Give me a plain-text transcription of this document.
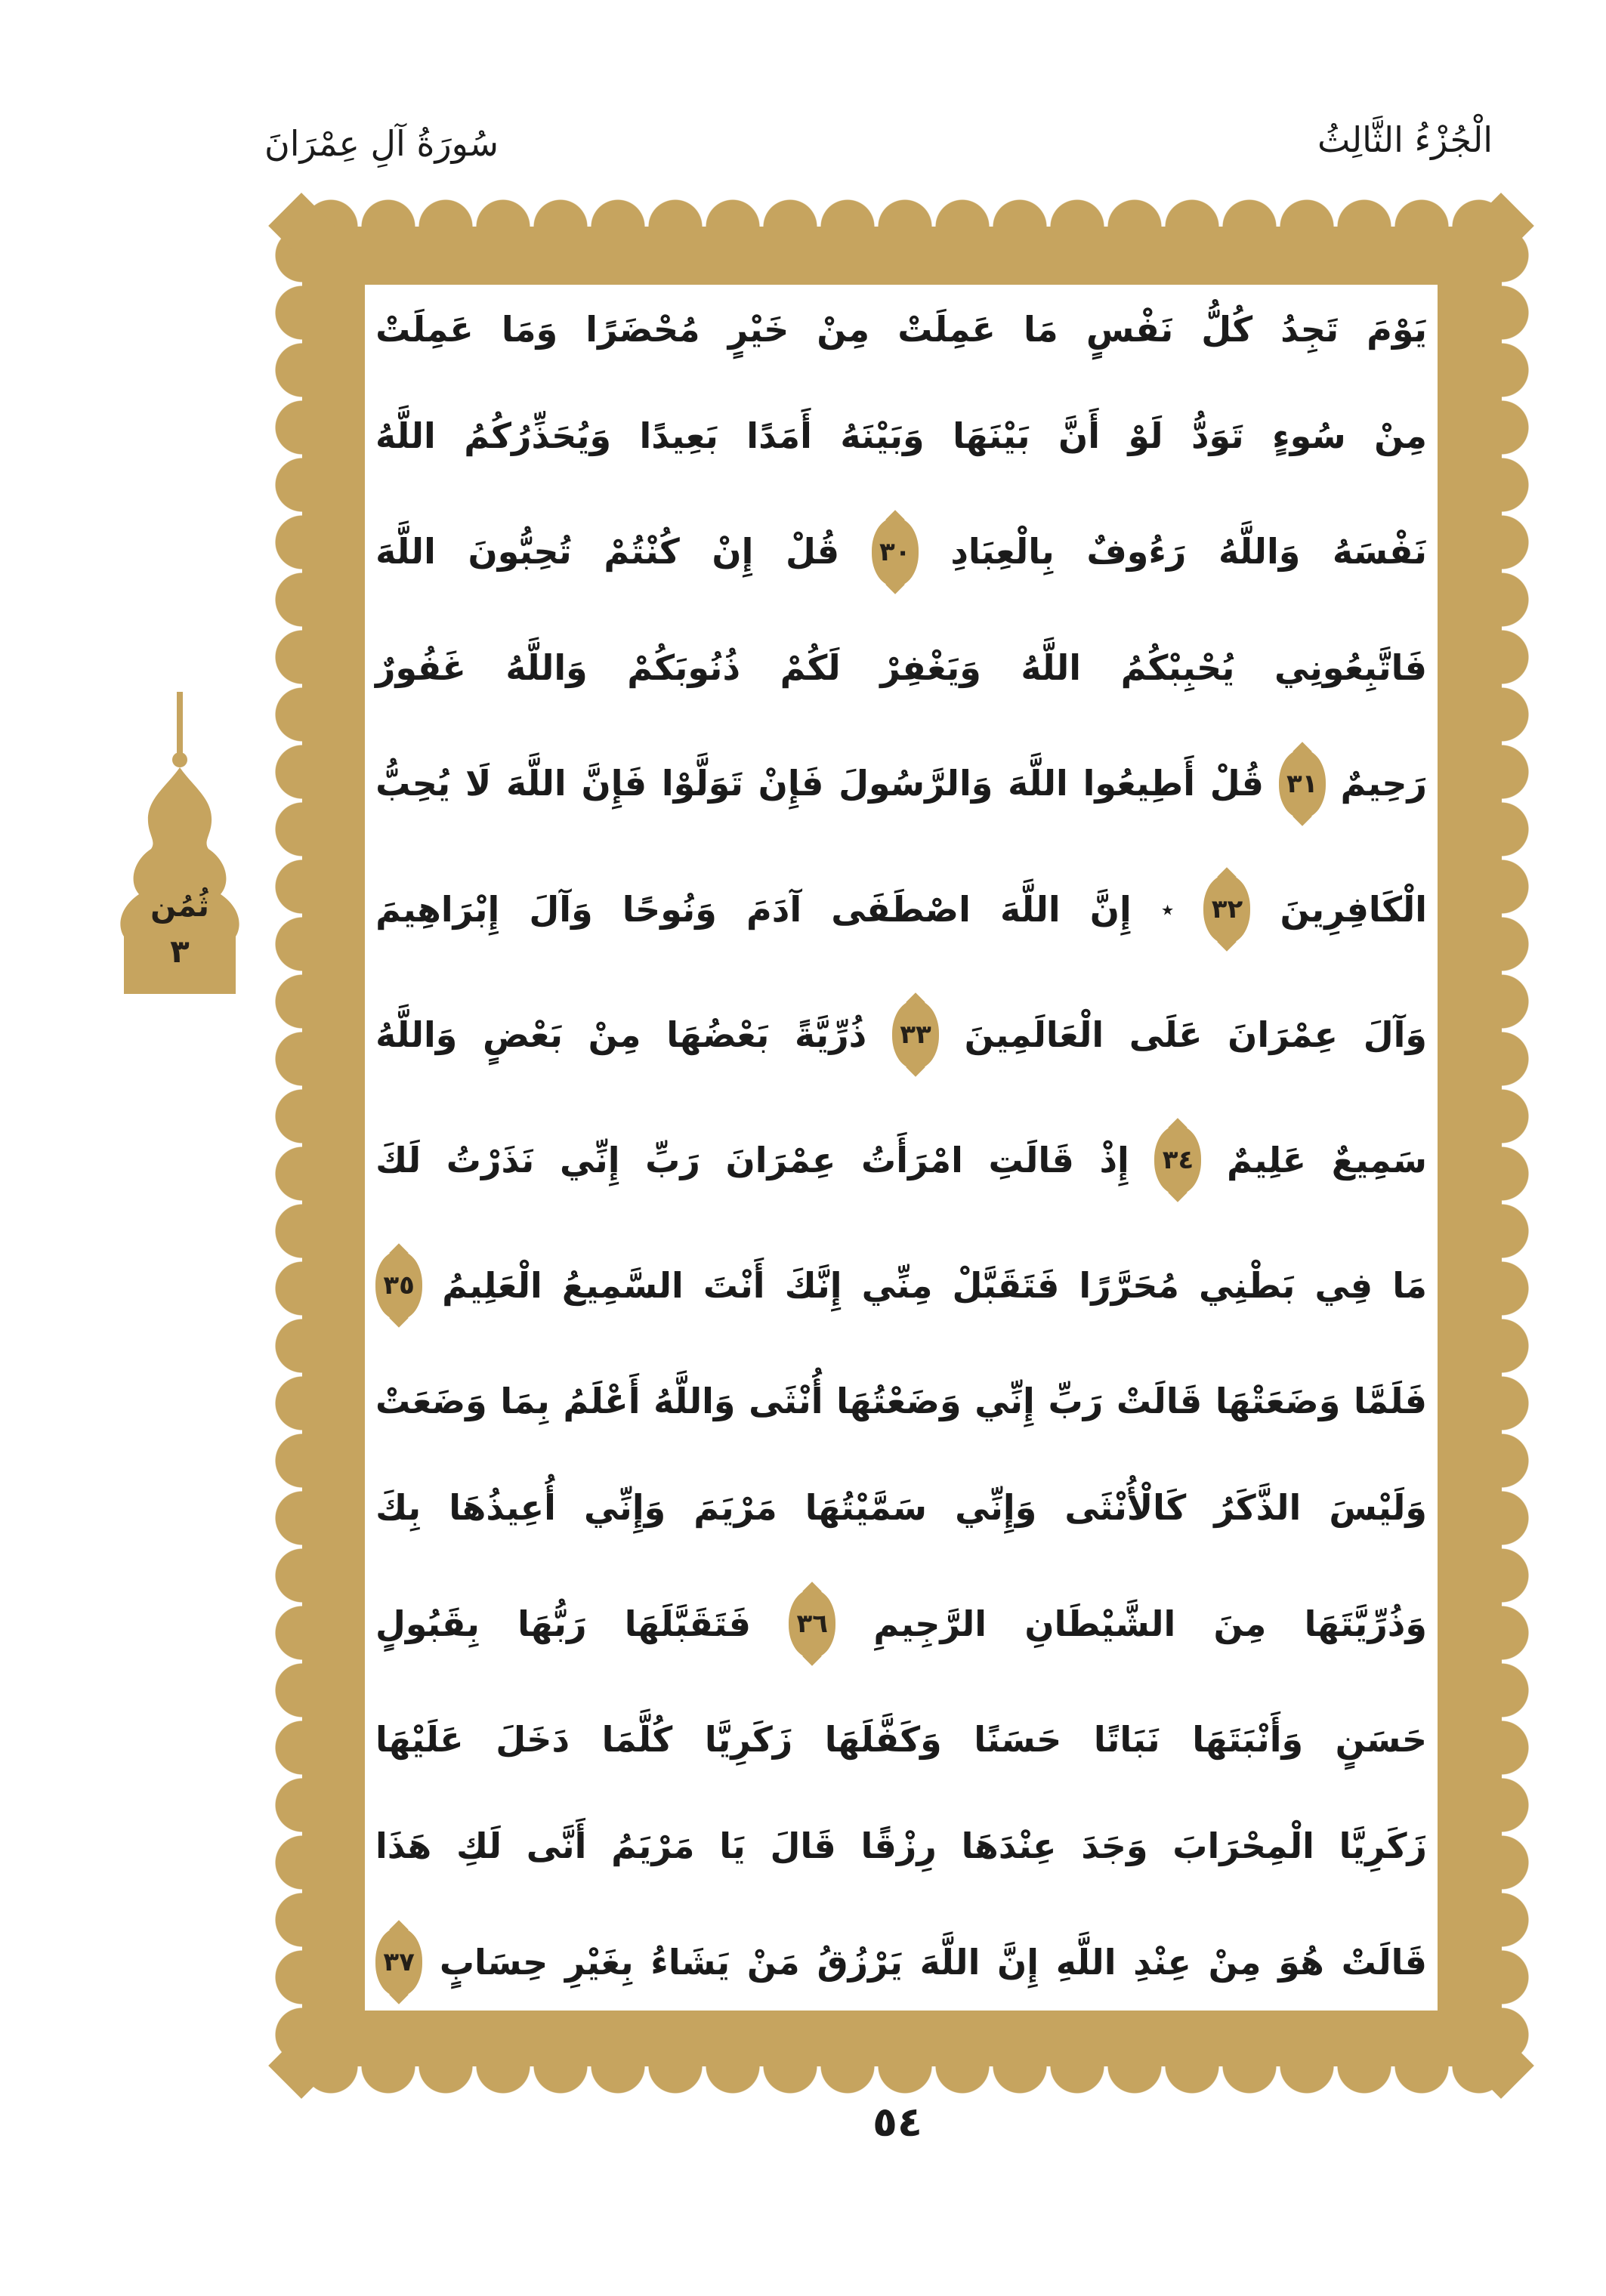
سُورَةُ آلِ عِمْرَانَ	الْجُزْءُ الثَّالِثُ
ثُمُن
٣
يَوْمَ
تَجِدُ
كُلُّ
نَفْسٍ
مَا
عَمِلَتْ
مِنْ
خَيْرٍ
مُحْضَرًا
وَمَا
عَمِلَتْ
مِنْ
سُوءٍ
تَوَدُّ
لَوْ
أَنَّ
بَيْنَهَا
وَبَيْنَهُ
أَمَدًا
بَعِيدًا
وَيُحَذِّرُكُمُ
اللَّهُ
نَفْسَهُ
وَاللَّهُ
رَءُوفٌ
بِالْعِبَادِ
٣٠
قُلْ
إِنْ
كُنْتُمْ
تُحِبُّونَ
اللَّهَ
فَاتَّبِعُونِي
يُحْبِبْكُمُ
اللَّهُ
وَيَغْفِرْ
لَكُمْ
ذُنُوبَكُمْ
وَاللَّهُ
غَفُورٌ
رَحِيمٌ
٣١
قُلْ
أَطِيعُوا
اللَّهَ
وَالرَّسُولَ
فَإِنْ
تَوَلَّوْا
فَإِنَّ
اللَّهَ
لَا
يُحِبُّ
الْكَافِرِينَ
٣٢
٭
إِنَّ
اللَّهَ
اصْطَفَى
آدَمَ
وَنُوحًا
وَآلَ
إِبْرَاهِيمَ
وَآلَ
عِمْرَانَ
عَلَى
الْعَالَمِينَ
٣٣
ذُرِّيَّةً
بَعْضُهَا
مِنْ
بَعْضٍ
وَاللَّهُ
سَمِيعٌ
عَلِيمٌ
٣٤
إِذْ
قَالَتِ
امْرَأَتُ
عِمْرَانَ
رَبِّ
إِنِّي
نَذَرْتُ
لَكَ
مَا
فِي
بَطْنِي
مُحَرَّرًا
فَتَقَبَّلْ
مِنِّي
إِنَّكَ
أَنْتَ
السَّمِيعُ
الْعَلِيمُ
٣٥
فَلَمَّا
وَضَعَتْهَا
قَالَتْ
رَبِّ
إِنِّي
وَضَعْتُهَا
أُنْثَى
وَاللَّهُ
أَعْلَمُ
بِمَا
وَضَعَتْ
وَلَيْسَ
الذَّكَرُ
كَالْأُنْثَى
وَإِنِّي
سَمَّيْتُهَا
مَرْيَمَ
وَإِنِّي
أُعِيذُهَا
بِكَ
وَذُرِّيَّتَهَا
مِنَ
الشَّيْطَانِ
الرَّجِيمِ
٣٦
فَتَقَبَّلَهَا
رَبُّهَا
بِقَبُولٍ
حَسَنٍ
وَأَنْبَتَهَا
نَبَاتًا
حَسَنًا
وَكَفَّلَهَا
زَكَرِيَّا
كُلَّمَا
دَخَلَ
عَلَيْهَا
زَكَرِيَّا
الْمِحْرَابَ
وَجَدَ
عِنْدَهَا
رِزْقًا
قَالَ
يَا
مَرْيَمُ
أَنَّى
لَكِ
هَذَا
قَالَتْ
هُوَ
مِنْ
عِنْدِ
اللَّهِ
إِنَّ
اللَّهَ
يَرْزُقُ
مَنْ
يَشَاءُ
بِغَيْرِ
حِسَابٍ
٣٧
٥٤
